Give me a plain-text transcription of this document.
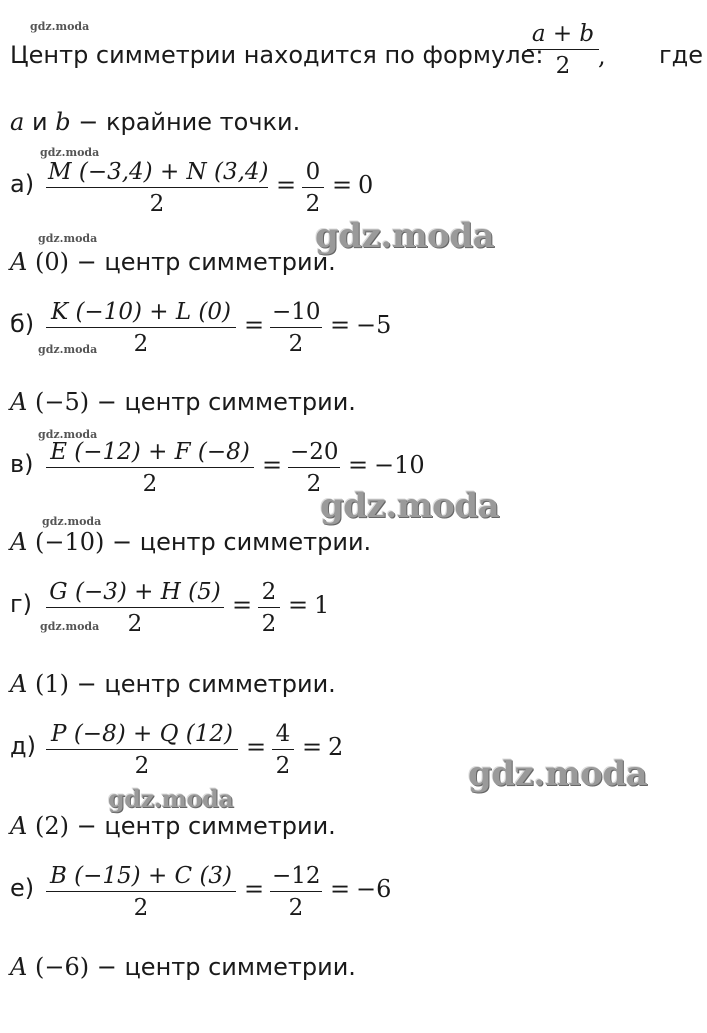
Центр симметрии находится по формуле:
a + b
2	, где
a и b − крайние точки.
а) M (−3,4) + N (3,4)
2
= 0
2
= 0
A (0) − центр симметрии.
б) K (−10) + L (0)
2
= −10
2
= −5
A (−5) − центр симметрии.
в) E (−12) + F (−8)
2
= −20
2
= −10
A (−10) − центр симметрии.
г) G (−3) + H (5)
2
= 2
2
= 1
A (1) − центр симметрии.
д) P (−8) + Q (12)
2
= 4
2
= 2
A (2) − центр симметрии.
е) B (−15) + C (3)
2
= −12
2
= −6
A (−6) − центр симметрии.
gdz.moda
gdz.moda
gdz.moda
gdz.moda
gdz.moda
gdz.moda
gdz.moda
gdz.moda
gdz.moda
gdz.moda
gdz.moda
